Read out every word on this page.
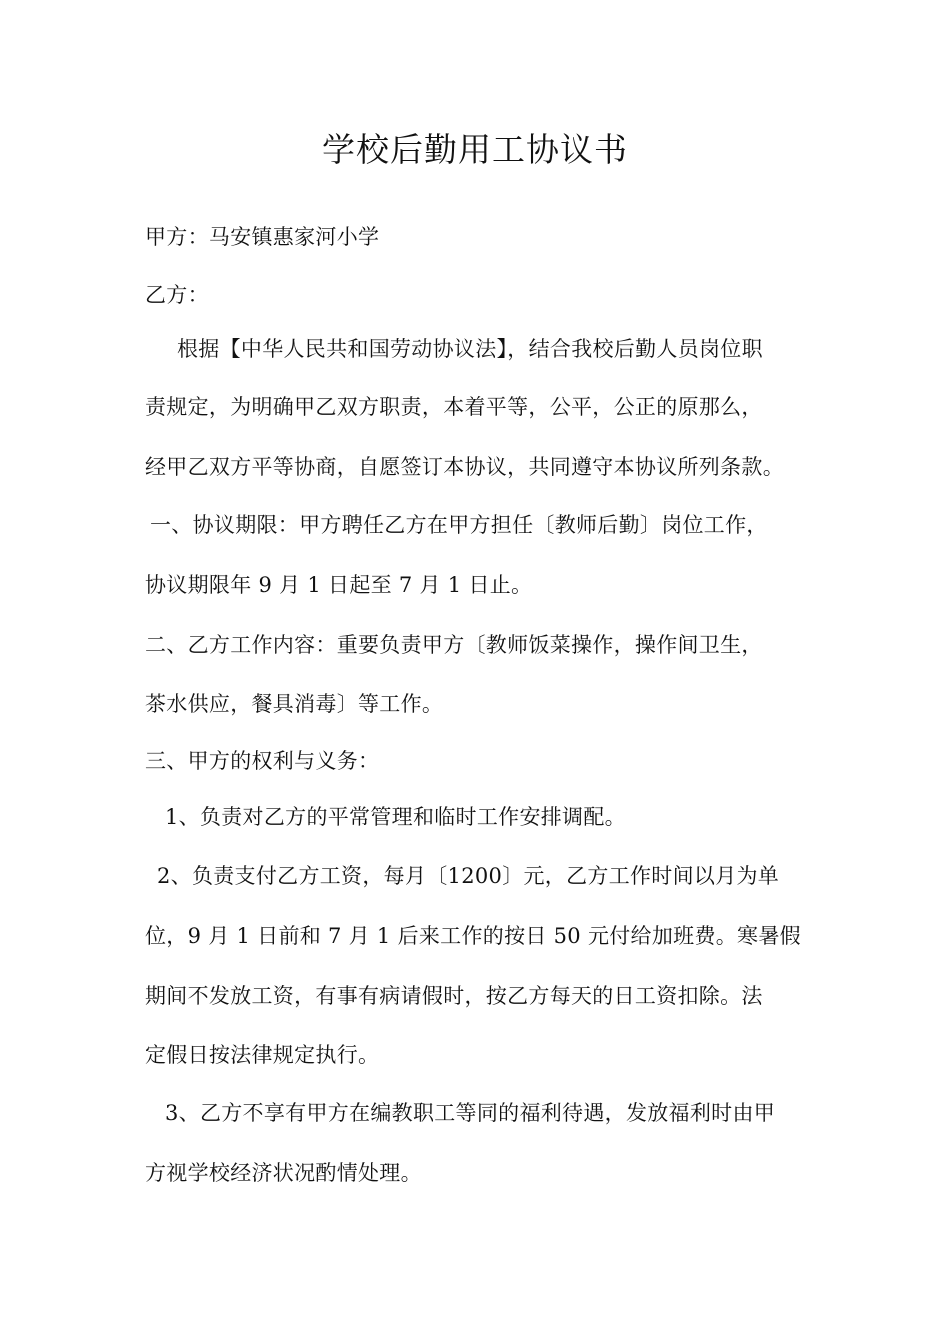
学校后勤用工协议书
甲方：马安镇惠家河小学
乙方：
根据【中华人民共和国劳动协议法】，结合我校后勤人员岗位职
责规定，为明确甲乙双方职责，本着平等，公平，公正的原那么，
经甲乙双方平等协商，自愿签订本协议，共同遵守本协议所列条款。
一、协议期限：甲方聘任乙方在甲方担任〔教师后勤〕岗位工作，
协议期限年 9 月 1 日起至 7 月 1 日止。
二、乙方工作内容：重要负责甲方〔教师饭菜操作，操作间卫生，
茶水供应，餐具消毒〕等工作。
三、甲方的权利与义务：
1、负责对乙方的平常管理和临时工作安排调配。
2、负责支付乙方工资，每月〔1200〕元，乙方工作时间以月为单
位，9 月 1 日前和 7 月 1 后来工作的按日 50 元付给加班费。寒暑假
期间不发放工资，有事有病请假时，按乙方每天的日工资扣除。法
定假日按法律规定执行。
3、乙方不享有甲方在编教职工等同的福利待遇，发放福利时由甲
方视学校经济状况酌情处理。
